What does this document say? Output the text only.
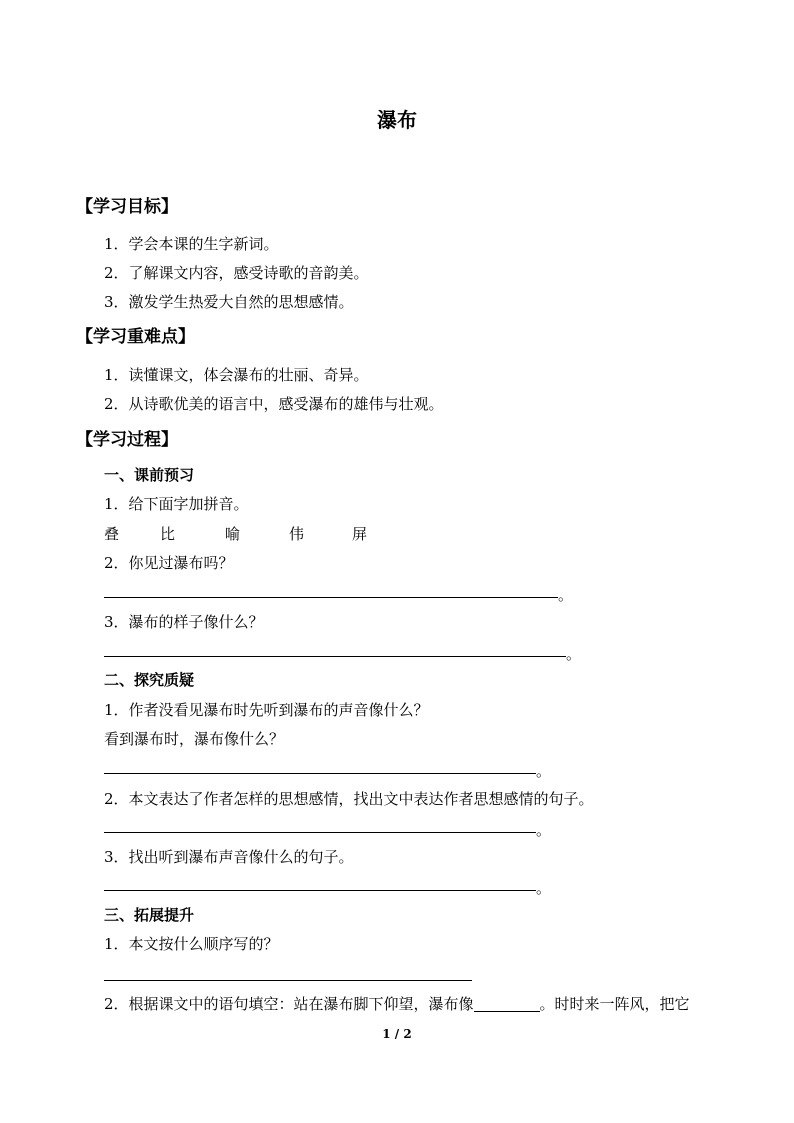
瀑布
【学习目标】
1．学会本课的生字新词。
2．了解课文内容，感受诗歌的音韵美。
3．激发学生热爱大自然的思想感情。
【学习重难点】
1．读懂课文，体会瀑布的壮丽、奇异。
2．从诗歌优美的语言中，感受瀑布的雄伟与壮观。
【学习过程】
一、课前预习
1．给下面字加拼音。
叠	比	喻	伟	屏
2．你见过瀑布吗？
。
3．瀑布的样子像什么？
。
二、探究质疑
1．作者没看见瀑布时先听到瀑布的声音像什么？
看到瀑布时，瀑布像什么？
。
2．本文表达了作者怎样的思想感情，找出文中表达作者思想感情的句子。
。
3．找出听到瀑布声音像什么的句子。
。
三、拓展提升
1．本文按什么顺序写的？
2．根据课文中的语句填空：站在瀑布脚下仰望，瀑布像	。时时来一阵风，把它
1 / 2
